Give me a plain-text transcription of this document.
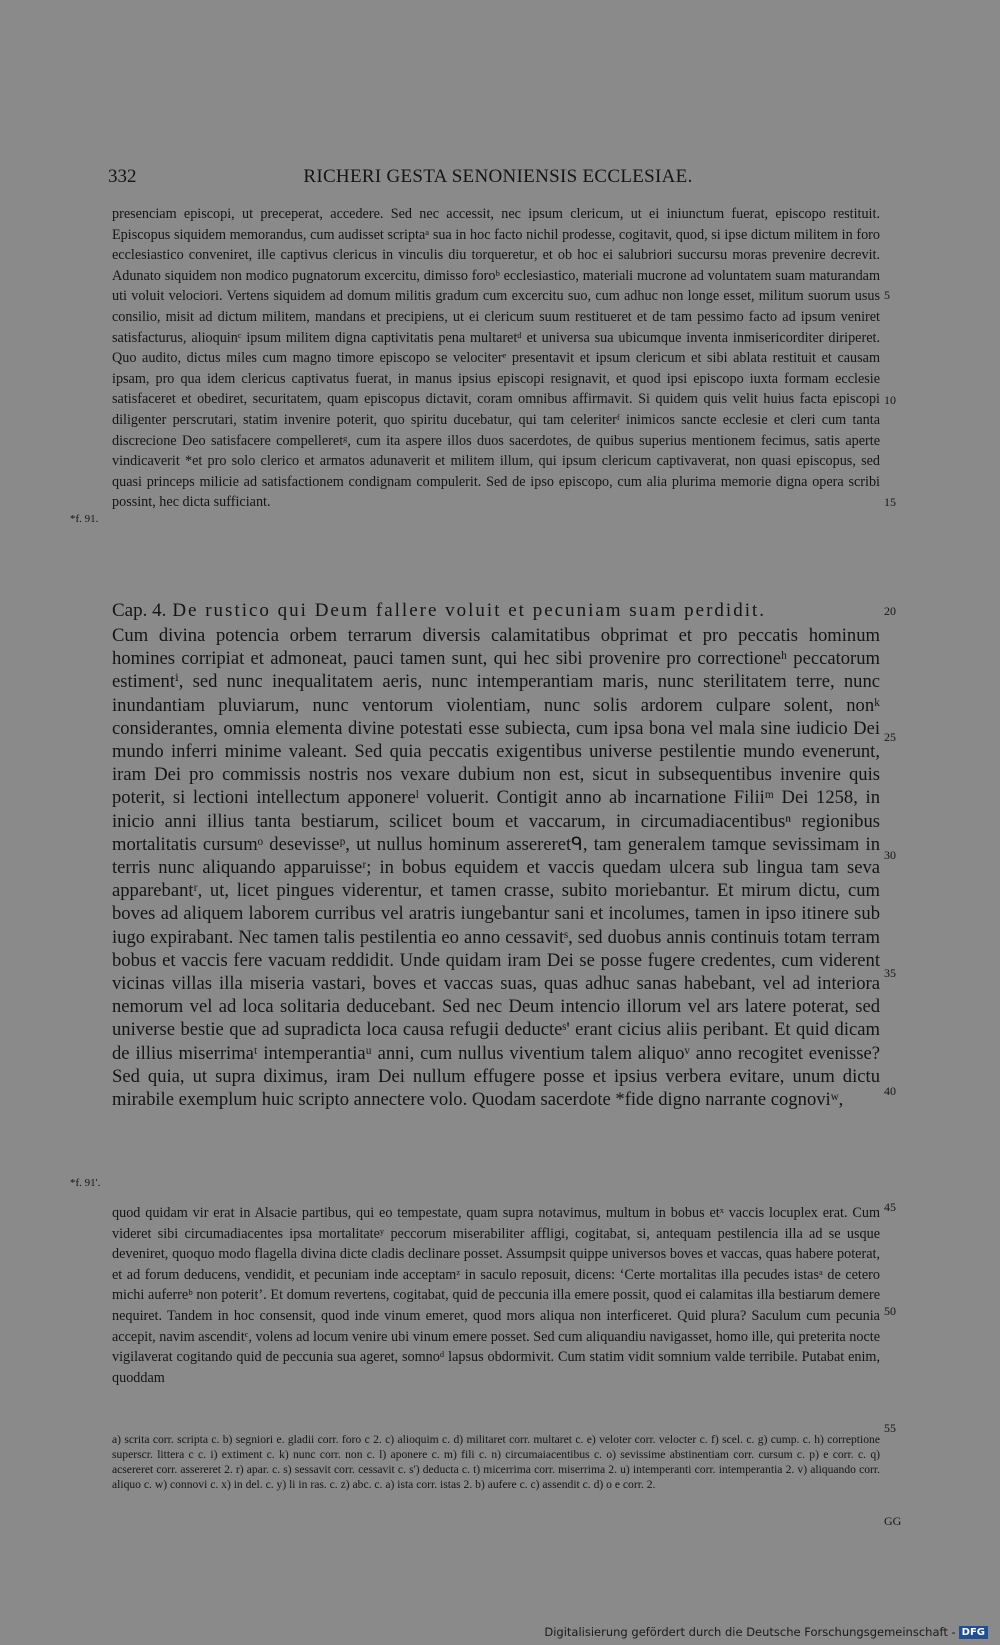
332	RICHERI GESTA SENONIENSIS ECCLESIAE.

presenciam episcopi, ut preceperat, accedere. Sed nec accessit, nec ipsum clericum, ut ei iniunctum fuerat, episcopo restituit. Episcopus siquidem memorandus, cum audisset scriptaᵃ sua in hoc facto nichil prodesse, cogitavit, quod, si ipse dictum militem in foro ecclesiastico conveniret, ille captivus clericus in vinculis diu torqueretur, et ob hoc ei salubriori succursu moras prevenire decrevit. Adunato siquidem non modico pugnatorum excercitu, dimisso foroᵇ ecclesiastico, materiali mucrone ad voluntatem suam maturandam uti voluit velociori. Vertens siquidem ad domum militis gradum cum excercitu suo, cum adhuc non longe esset, militum suorum usus consilio, misit ad dictum militem, mandans et precipiens, ut ei clericum suum restitueret et de tam pessimo facto ad ipsum veniret satisfacturus, alioquinᶜ ipsum militem digna captivitatis pena multaretᵈ et universa sua ubicumque inventa inmisericorditer diriperet. Quo audito, dictus miles cum magno timore episcopo se velociterᵉ presentavit et ipsum clericum et sibi ablata restituit et causam ipsam, pro qua idem clericus captivatus fuerat, in manus ipsius episcopi resignavit, et quod ipsi episcopo iuxta formam ecclesie satisfaceret et obediret, securitatem, quam episcopus dictavit, coram omnibus affirmavit. Si quidem quis velit huius facta episcopi diligenter perscrutari, statim invenire poterit, quo spiritu ducebatur, qui tam celeriterᶠ inimicos sancte ecclesie et cleri cum tanta discrecione Deo satisfacere compelleretᵍ, cum ita aspere illos duos sacerdotes, de quibus superius mentionem fecimus, satis aperte vindicaverit *et pro solo clerico et armatos adunaverit et militem illum, qui ipsum clericum captivaverat, non quasi episcopus, sed quasi princeps milicie ad satisfactionem condignam compulerit. Sed de ipso episcopo, cum alia plurima memorie digna opera scribi possint, hec dicta sufficiant.

Cap. 4. De rustico qui Deum fallere voluit et pecuniam suam perdidit.

Cum divina potencia orbem terrarum diversis calamitatibus obprimat et pro peccatis hominum homines corripiat et admoneat, pauci tamen sunt, qui hec sibi provenire pro correctioneʰ peccatorum estimentⁱ, sed nunc inequalitatem aeris, nunc intemperantiam maris, nunc sterilitatem terre, nunc inundantiam pluviarum, nunc ventorum violentiam, nunc solis ardorem culpare solent, nonᵏ considerantes, omnia elementa divine potestati esse subiecta, cum ipsa bona vel mala sine iudicio Dei mundo inferri minime valeant. Sed quia peccatis exigentibus universe pestilentie mundo evenerunt, iram Dei pro commissis nostris nos vexare dubium non est, sicut in subsequentibus invenire quis poterit, si lectioni intellectum apponereˡ voluerit. Contigit anno ab incarnatione Filiiᵐ Dei 1258, in inicio anni illius tanta bestiarum, scilicet boum et vaccarum, in circumadiacentibusⁿ regionibus mortalitatis cursumᵒ desevisseᵖ, ut nullus hominum assereretᑫ, tam generalem tamque sevissimam in terris nunc aliquando apparuisseʳ; in bobus equidem et vaccis quedam ulcera sub lingua tam seva apparebantʳ, ut, licet pingues viderentur, et tamen crasse, subito moriebantur. Et mirum dictu, cum boves ad aliquem laborem curribus vel aratris iungebantur sani et incolumes, tamen in ipso itinere sub iugo expirabant. Nec tamen talis pestilentia eo anno cessavitˢ, sed duobus annis continuis totam terram bobus et vaccis fere vacuam reddidit. Unde quidam iram Dei se posse fugere credentes, cum viderent vicinas villas illa miseria vastari, boves et vaccas suas, quas adhuc sanas habebant, vel ad interiora nemorum vel ad loca solitaria deducebant. Sed nec Deum intencio illorum vel ars latere poterat, sed universe bestie que ad supradicta loca causa refugii deducteˢ' erant cicius aliis peribant. Et quid dicam de illius miserrimaᵗ intemperantiaᵘ anni, cum nullus viventium talem aliquoᵛ anno recogitet evenisse? Sed quia, ut supra diximus, iram Dei nullum effugere posse et ipsius verbera evitare, unum dictu mirabile exemplum huic scripto annectere volo. Quodam sacerdote *fide digno narrante cognoviʷ,

quod quidam vir erat in Alsacie partibus, qui eo tempestate, quam supra notavimus, multum in bobus etˣ vaccis locuplex erat. Cum videret sibi circumadiacentes ipsa mortalitateʸ peccorum miserabiliter affligi, cogitabat, si, antequam pestilencia illa ad se usque deveniret, quoquo modo flagella divina dicte cladis declinare posset. Assumpsit quippe universos boves et vaccas, quas habere poterat, et ad forum deducens, vendidit, et pecuniam inde acceptamᶻ in saculo reposuit, dicens: ‘Certe mortalitas illa pecudes istasᵃ de cetero michi auferreᵇ non poterit’. Et domum revertens, cogitabat, quid de peccunia illa emere possit, quod ei calamitas illa bestiarum demere nequiret. Tandem in hoc consensit, quod inde vinum emeret, quod mors aliqua non interficeret. Quid plura? Saculum cum pecunia accepit, navim ascenditᶜ, volens ad locum venire ubi vinum emere posset. Sed cum aliquandiu navigasset, homo ille, qui preterita nocte vigilaverat cogitando quid de peccunia sua ageret, somnoᵈ lapsus obdormivit. Cum statim vidit somnium valde terribile. Putabat enim, quoddam

a) scrita corr. scripta c. b) segniori e. gladii corr. foro c 2. c) alioquim c. d) militaret corr. multaret c. e) veloter corr. velocter c. f) scel. c. g) cump. c. h) correptione superscr. littera c c. i) extiment c. k) nunc corr. non c. l) aponere c. m) fili c. n) circumaiacentibus c. o) sevissime abstinentiam corr. cursum c. p) e corr. c. q) acsereret corr. assereret 2. r) apar. c. s) sessavit corr. cessavit c. s') deducta c. t) micerrima corr. miserrima 2. u) intemperanti corr. intemperantia 2. v) aliquando corr. aliquo c. w) connovi c. x) in del. c. y) li in ras. c. z) abc. c. a) ista corr. istas 2. b) aufere c. c) assendit c. d) o e corr. 2.

5
10
15
20
25
30
35
40
45
50
55
*f. 91.
*f. 91'.
GG
Digitalisierung gefördert durch die Deutsche Forschungsgemeinschaft - DFG
